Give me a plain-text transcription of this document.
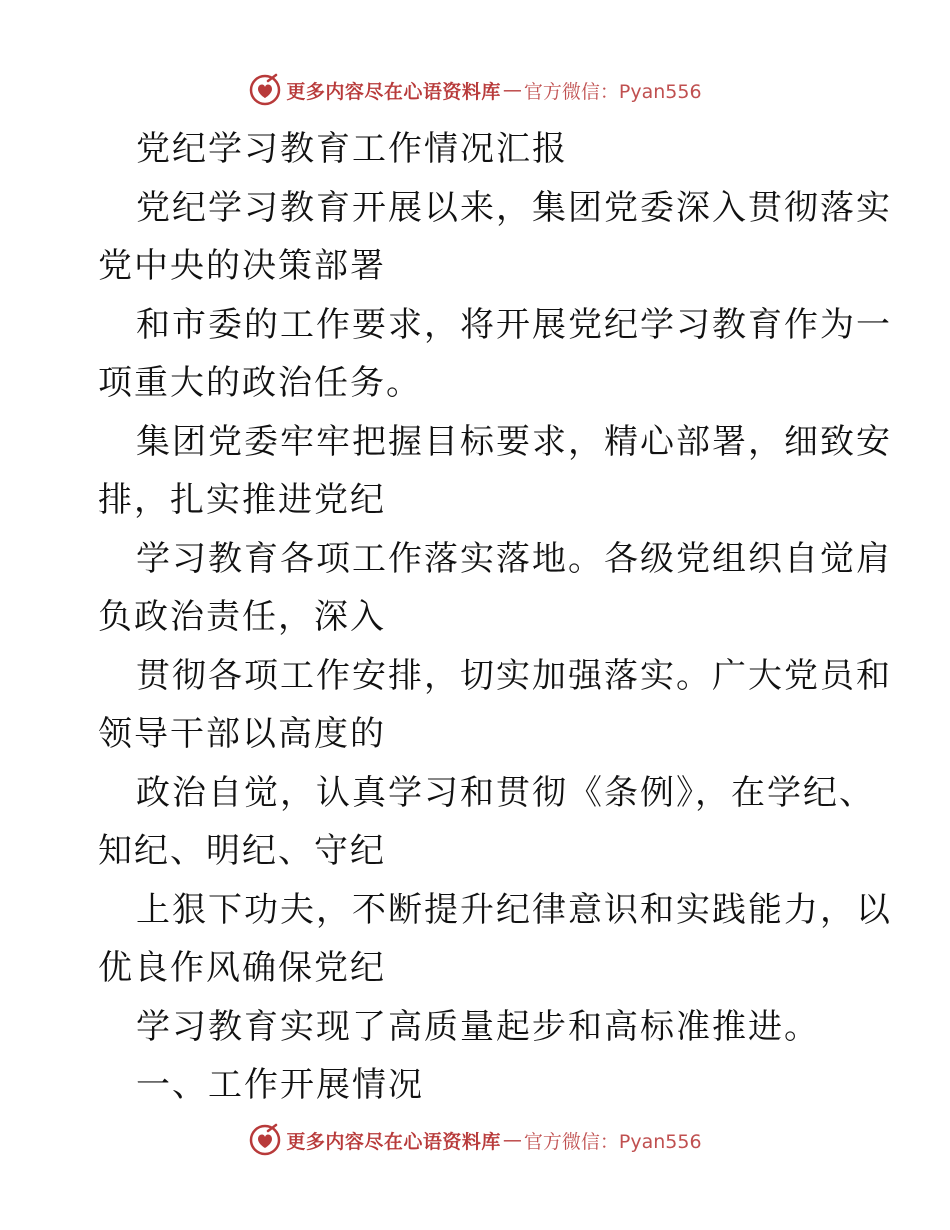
更多内容尽在心语资料库 — 官方微信：Pyan556
党纪学习教育工作情况汇报
党纪学习教育开展以来，集团党委深入贯彻落实
党中央的决策部署
和市委的工作要求，将开展党纪学习教育作为一
项重大的政治任务。
集团党委牢牢把握目标要求，精心部署，细致安
排，扎实推进党纪
学习教育各项工作落实落地。各级党组织自觉肩
负政治责任，深入
贯彻各项工作安排，切实加强落实。广大党员和
领导干部以高度的
政治自觉，认真学习和贯彻《条例》，在学纪、
知纪、明纪、守纪
上狠下功夫，不断提升纪律意识和实践能力，以
优良作风确保党纪
学习教育实现了高质量起步和高标准推进。
一、工作开展情况
更多内容尽在心语资料库 — 官方微信：Pyan556
